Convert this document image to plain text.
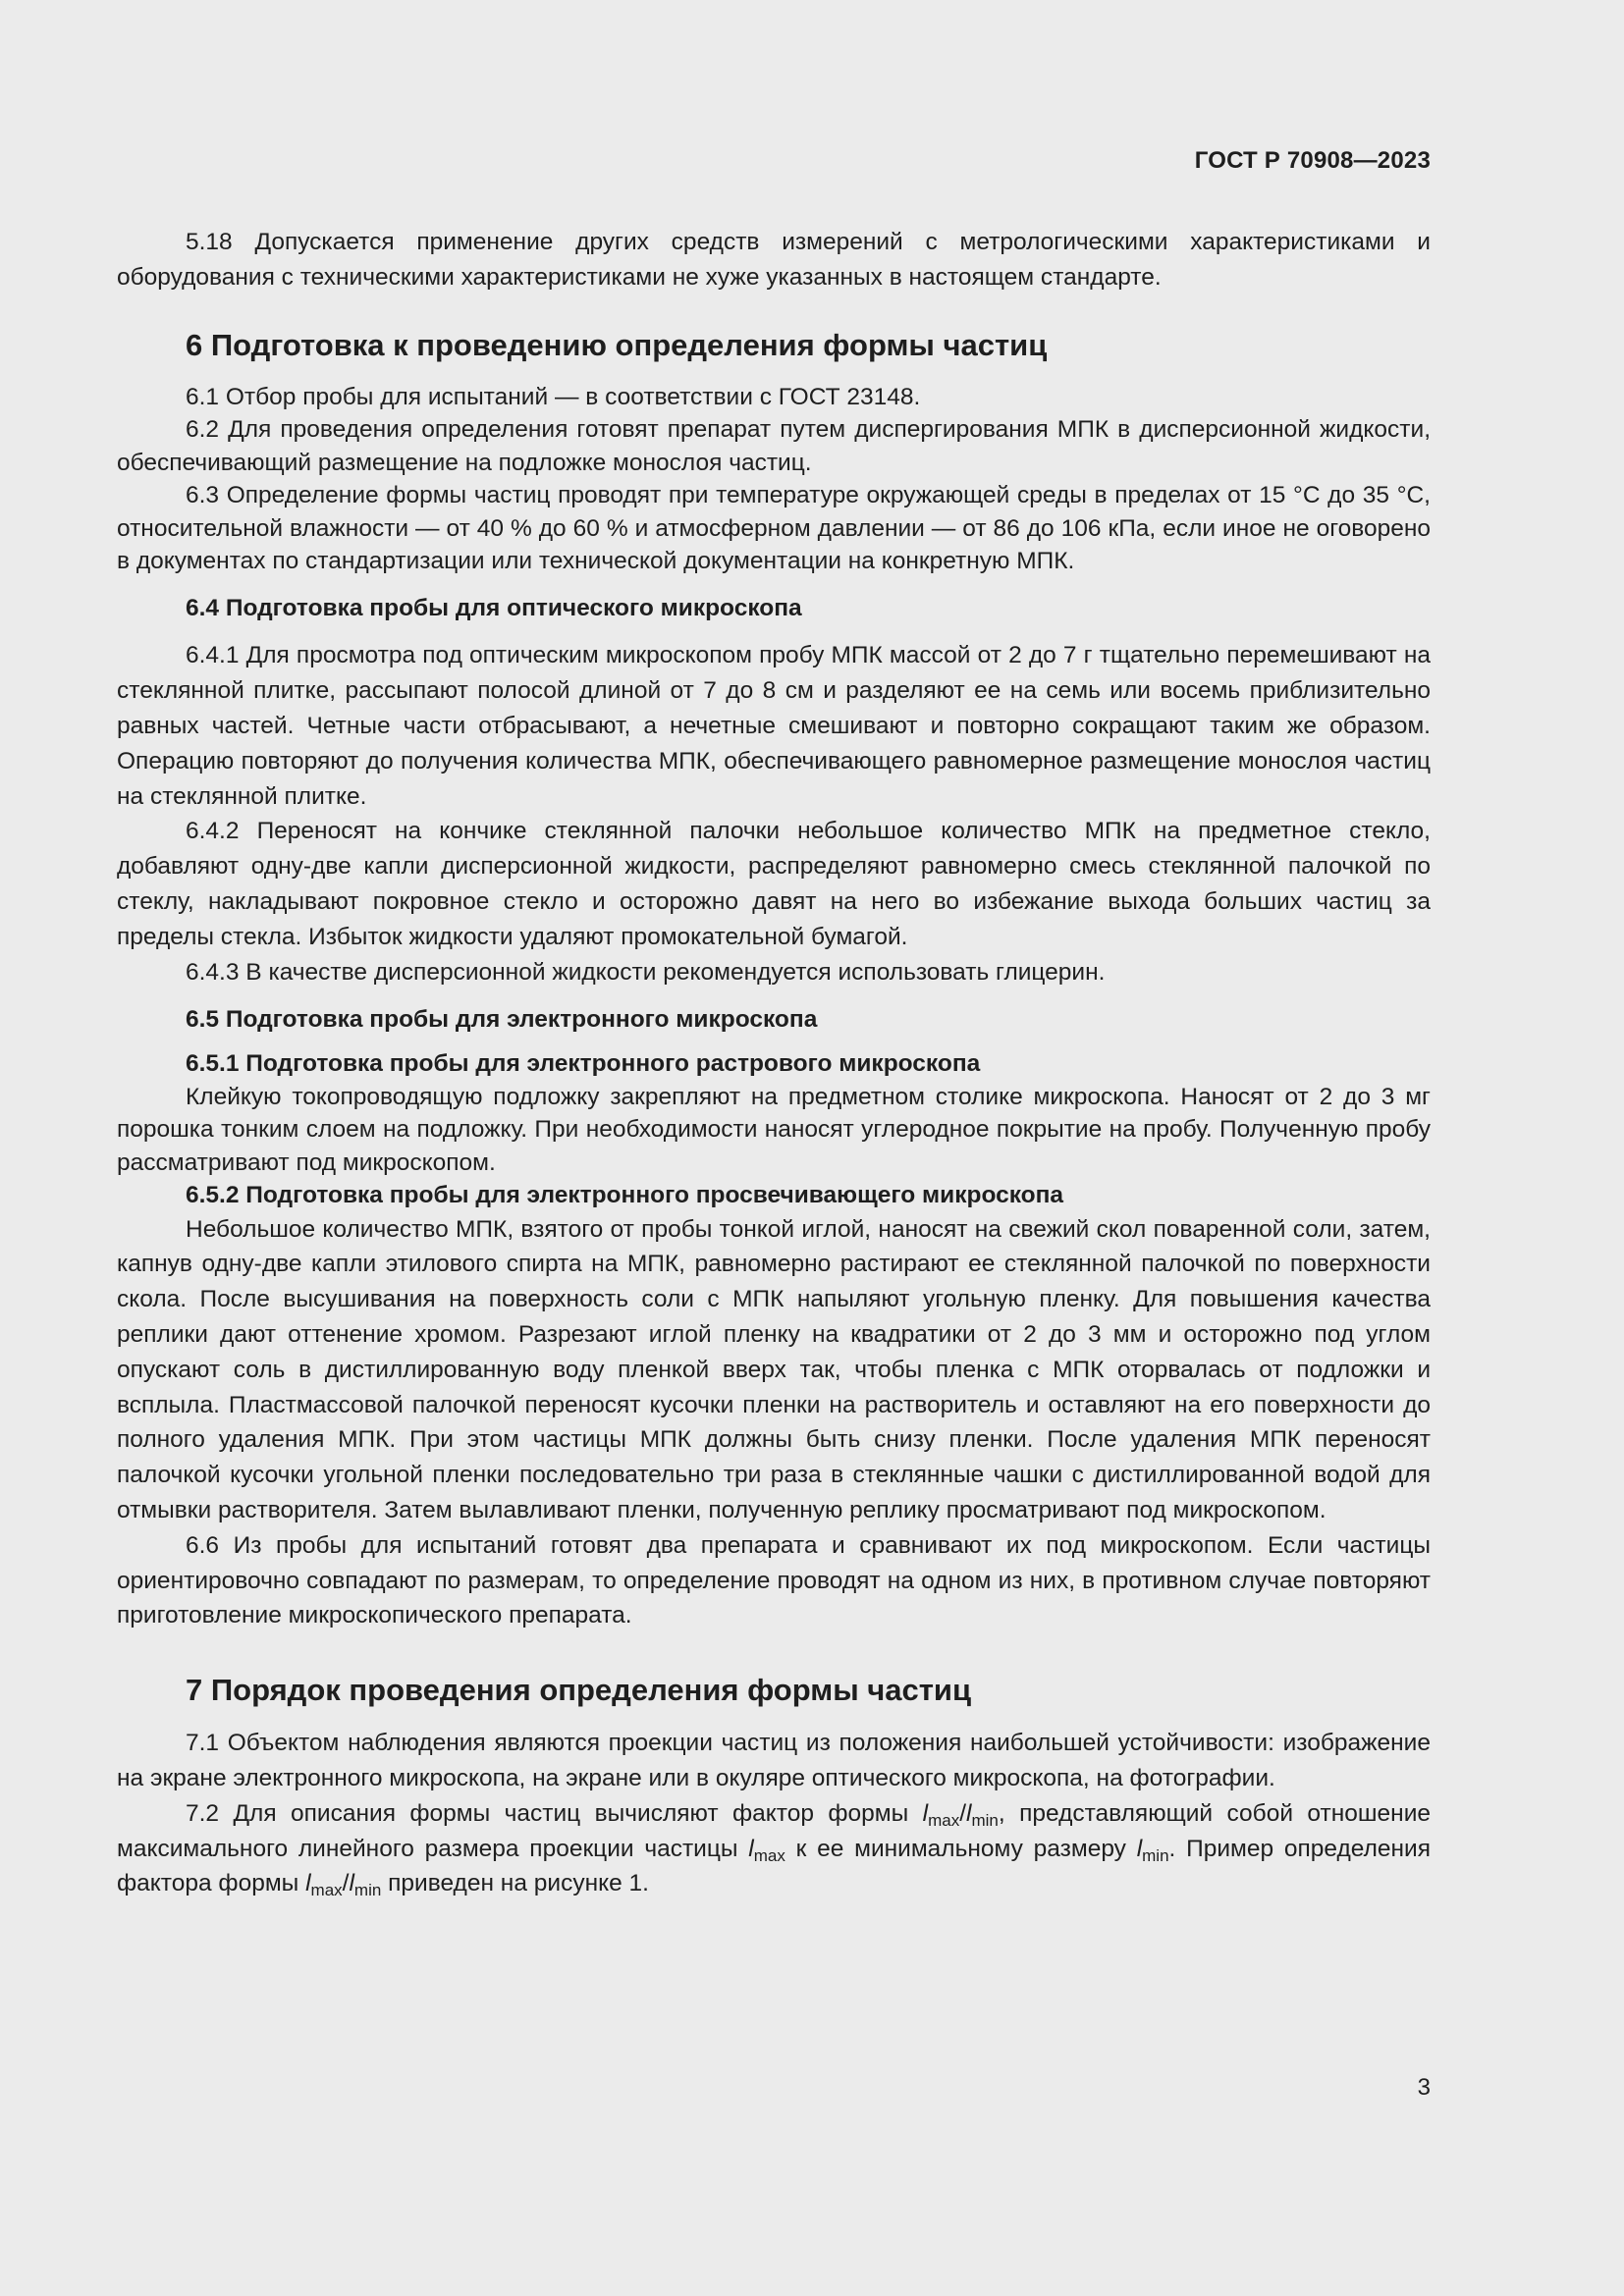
ГОСТ Р 70908—2023

5.18 Допускается применение других средств измерений с метрологическими характеристиками и оборудования с техническими характеристиками не хуже указанных в настоящем стандарте.

6 Подготовка к проведению определения формы частиц

6.1 Отбор пробы для испытаний — в соответствии с ГОСТ 23148.

6.2 Для проведения определения готовят препарат путем диспергирования МПК в дисперсионной жидкости, обеспечивающий размещение на подложке монослоя частиц.

6.3 Определение формы частиц проводят при температуре окружающей среды в пределах от 15 °С до 35 °С, относительной влажности — от 40 % до 60 % и атмосферном давлении — от 86 до 106 кПа, если иное не оговорено в документах по стандартизации или технической документации на конкретную МПК.

6.4 Подготовка пробы для оптического микроскопа

6.4.1 Для просмотра под оптическим микроскопом пробу МПК массой от 2 до 7 г тщательно перемешивают на стеклянной плитке, рассыпают полосой длиной от 7 до 8 см и разделяют ее на семь или восемь приблизительно равных частей. Четные части отбрасывают, а нечетные смешивают и повторно сокращают таким же образом. Операцию повторяют до получения количества МПК, обеспечивающего равномерное размещение монослоя частиц на стеклянной плитке.

6.4.2 Переносят на кончике стеклянной палочки небольшое количество МПК на предметное стекло, добавляют одну-две капли дисперсионной жидкости, распределяют равномерно смесь стеклянной палочкой по стеклу, накладывают покровное стекло и осторожно давят на него во избежание выхода больших частиц за пределы стекла. Избыток жидкости удаляют промокательной бумагой.

6.4.3 В качестве дисперсионной жидкости рекомендуется использовать глицерин.

6.5 Подготовка пробы для электронного микроскопа
6.5.1 Подготовка пробы для электронного растрового микроскопа

Клейкую токопроводящую подложку закрепляют на предметном столике микроскопа. Наносят от 2 до 3 мг порошка тонким слоем на подложку. При необходимости наносят углеродное покрытие на пробу. Полученную пробу рассматривают под микроскопом.

6.5.2 Подготовка пробы для электронного просвечивающего микроскопа

Небольшое количество МПК, взятого от пробы тонкой иглой, наносят на свежий скол поваренной соли, затем, капнув одну-две капли этилового спирта на МПК, равномерно растирают ее стеклянной палочкой по поверхности скола. После высушивания на поверхность соли с МПК напыляют угольную пленку. Для повышения качества реплики дают оттенение хромом. Разрезают иглой пленку на квадратики от 2 до 3 мм и осторожно под углом опускают соль в дистиллированную воду пленкой вверх так, чтобы пленка с МПК оторвалась от подложки и всплыла. Пластмассовой палочкой переносят кусочки пленки на растворитель и оставляют на его поверхности до полного удаления МПК. При этом частицы МПК должны быть снизу пленки. После удаления МПК переносят палочкой кусочки угольной пленки последовательно три раза в стеклянные чашки с дистиллированной водой для отмывки растворителя. Затем вылавливают пленки, полученную реплику просматривают под микроскопом.

6.6 Из пробы для испытаний готовят два препарата и сравнивают их под микроскопом. Если частицы ориентировочно совпадают по размерам, то определение проводят на одном из них, в противном случае повторяют приготовление микроскопического препарата.

7 Порядок проведения определения формы частиц

7.1 Объектом наблюдения являются проекции частиц из положения наибольшей устойчивости: изображение на экране электронного микроскопа, на экране или в окуляре оптического микроскопа, на фотографии.

7.2 Для описания формы частиц вычисляют фактор формы $l_{max}/l_{min}$, представляющий собой отношение максимального линейного размера проекции частицы $l_{max}$ к ее минимальному размеру $l_{min}$. Пример определения фактора формы $l_{max}/l_{min}$ приведен на рисунке 1.

3
